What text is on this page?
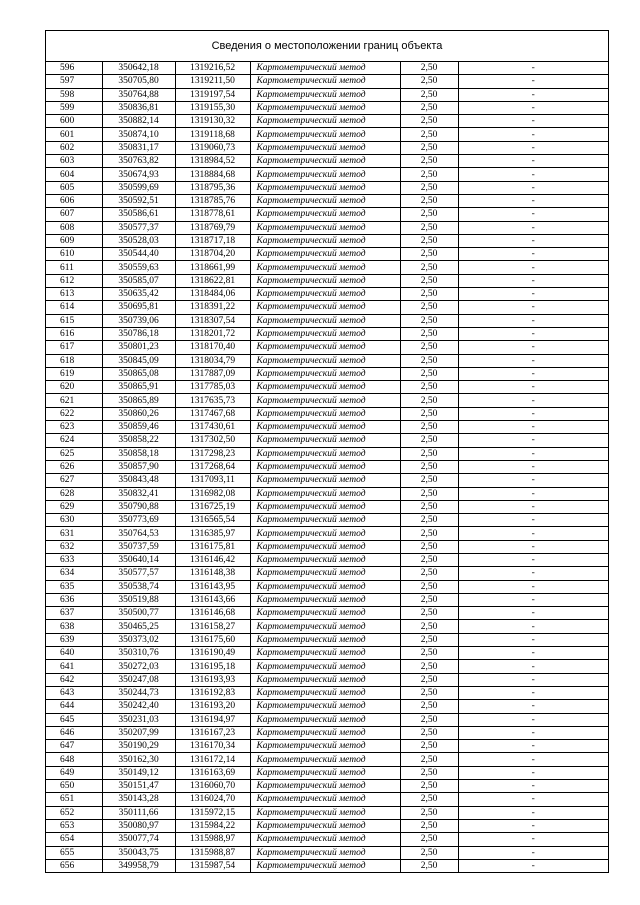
Сведения о местоположении границ объекта
596	350642,18	1319216,52	Картометрический метод	2,50	-
597	350705,80	1319211,50	Картометрический метод	2,50	-
598	350764,88	1319197,54	Картометрический метод	2,50	-
599	350836,81	1319155,30	Картометрический метод	2,50	-
600	350882,14	1319130,32	Картометрический метод	2,50	-
601	350874,10	1319118,68	Картометрический метод	2,50	-
602	350831,17	1319060,73	Картометрический метод	2,50	-
603	350763,82	1318984,52	Картометрический метод	2,50	-
604	350674,93	1318884,68	Картометрический метод	2,50	-
605	350599,69	1318795,36	Картометрический метод	2,50	-
606	350592,51	1318785,76	Картометрический метод	2,50	-
607	350586,61	1318778,61	Картометрический метод	2,50	-
608	350577,37	1318769,79	Картометрический метод	2,50	-
609	350528,03	1318717,18	Картометрический метод	2,50	-
610	350544,40	1318704,20	Картометрический метод	2,50	-
611	350559,63	1318661,99	Картометрический метод	2,50	-
612	350585,07	1318622,81	Картометрический метод	2,50	-
613	350635,42	1318484,06	Картометрический метод	2,50	-
614	350695,81	1318391,22	Картометрический метод	2,50	-
615	350739,06	1318307,54	Картометрический метод	2,50	-
616	350786,18	1318201,72	Картометрический метод	2,50	-
617	350801,23	1318170,40	Картометрический метод	2,50	-
618	350845,09	1318034,79	Картометрический метод	2,50	-
619	350865,08	1317887,09	Картометрический метод	2,50	-
620	350865,91	1317785,03	Картометрический метод	2,50	-
621	350865,89	1317635,73	Картометрический метод	2,50	-
622	350860,26	1317467,68	Картометрический метод	2,50	-
623	350859,46	1317430,61	Картометрический метод	2,50	-
624	350858,22	1317302,50	Картометрический метод	2,50	-
625	350858,18	1317298,23	Картометрический метод	2,50	-
626	350857,90	1317268,64	Картометрический метод	2,50	-
627	350843,48	1317093,11	Картометрический метод	2,50	-
628	350832,41	1316982,08	Картометрический метод	2,50	-
629	350790,88	1316725,19	Картометрический метод	2,50	-
630	350773,69	1316565,54	Картометрический метод	2,50	-
631	350764,53	1316385,97	Картометрический метод	2,50	-
632	350737,59	1316175,81	Картометрический метод	2,50	-
633	350640,14	1316146,42	Картометрический метод	2,50	-
634	350577,57	1316148,38	Картометрический метод	2,50	-
635	350538,74	1316143,95	Картометрический метод	2,50	-
636	350519,88	1316143,66	Картометрический метод	2,50	-
637	350500,77	1316146,68	Картометрический метод	2,50	-
638	350465,25	1316158,27	Картометрический метод	2,50	-
639	350373,02	1316175,60	Картометрический метод	2,50	-
640	350310,76	1316190,49	Картометрический метод	2,50	-
641	350272,03	1316195,18	Картометрический метод	2,50	-
642	350247,08	1316193,93	Картометрический метод	2,50	-
643	350244,73	1316192,83	Картометрический метод	2,50	-
644	350242,40	1316193,20	Картометрический метод	2,50	-
645	350231,03	1316194,97	Картометрический метод	2,50	-
646	350207,99	1316167,23	Картометрический метод	2,50	-
647	350190,29	1316170,34	Картометрический метод	2,50	-
648	350162,30	1316172,14	Картометрический метод	2,50	-
649	350149,12	1316163,69	Картометрический метод	2,50	-
650	350151,47	1316060,70	Картометрический метод	2,50	-
651	350143,28	1316024,70	Картометрический метод	2,50	-
652	350111,66	1315972,15	Картометрический метод	2,50	-
653	350080,97	1315984,22	Картометрический метод	2,50	-
654	350077,74	1315988,97	Картометрический метод	2,50	-
655	350043,75	1315988,87	Картометрический метод	2,50	-
656	349958,79	1315987,54	Картометрический метод	2,50	-
